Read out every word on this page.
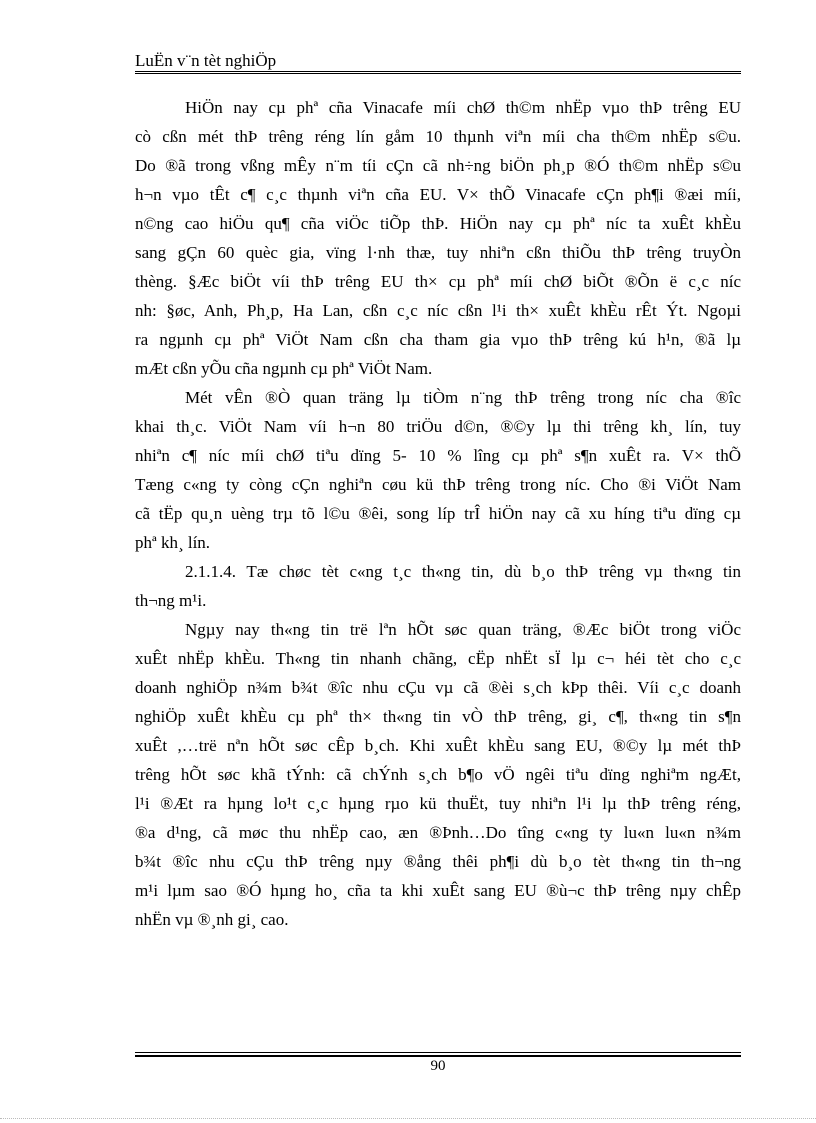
LuËn v¨n tèt nghiÖp
HiÖn nay cµ phª cña Vinacafe míi chØ th©m nhËp vµo thÞ trêng EU
cò cßn mét thÞ trêng réng lín gåm 10 thµnh viªn míi cha th©m nhËp s©u.
Do ®ã trong vßng mÊy n¨m tíi cÇn cã nh÷ng biÖn ph¸p ®Ó th©m nhËp s©u
h¬n vµo tÊt c¶ c¸c thµnh viªn cña EU. V× thÕ Vinacafe cÇn ph¶i ®æi míi,
n©ng cao hiÖu qu¶ cña viÖc tiÕp thÞ. HiÖn nay cµ phª níc ta xuÊt khÈu
sang gÇn 60 quèc gia, vïng l·nh thæ, tuy nhiªn cßn thiÕu thÞ trêng truyÒn
thèng. §Æc biÖt víi thÞ trêng EU th× cµ phª míi chØ biÕt ®Õn ë c¸c níc
nh: §øc, Anh, Ph¸p, Ha Lan, cßn c¸c níc cßn l¹i th× xuÊt khÈu rÊt Ýt. Ngoµi
ra ngµnh cµ phª ViÖt Nam cßn cha tham gia vµo thÞ trêng kú h¹n, ®ã lµ
mÆt cßn yÕu cña ngµnh cµ phª ViÖt Nam.
Mét vÊn ®Ò quan träng lµ tiÒm n¨ng thÞ trêng trong níc cha ®îc
khai th¸c. ViÖt Nam víi h¬n 80 triÖu d©n, ®©y lµ thi trêng kh¸ lín, tuy
nhiªn c¶ níc míi chØ tiªu dïng 5- 10 % lîng cµ phª s¶n xuÊt ra. V× thÕ
Tæng c«ng ty còng cÇn nghiªn cøu kü thÞ trêng trong níc. Cho ®i ViÖt Nam
cã tËp qu¸n uèng trµ tõ l©u ®êi, song líp trÎ hiÖn nay cã xu híng tiªu dïng cµ
phª kh¸ lín.
2.1.1.4. Tæ chøc tèt c«ng t¸c th«ng tin, dù b¸o thÞ trêng vµ th«ng tin
th¬ng m¹i.
Ngµy nay th«ng tin trë lªn hÕt søc quan träng, ®Æc biÖt trong viÖc
xuÊt nhËp khÈu. Th«ng tin nhanh chãng, cËp nhËt sÏ lµ c¬ héi tèt cho c¸c
doanh nghiÖp n¾m b¾t ®îc nhu cÇu vµ cã ®èi s¸ch kÞp thêi. Víi c¸c doanh
nghiÖp xuÊt khÈu cµ phª th× th«ng tin vÒ thÞ trêng, gi¸ c¶, th«ng tin s¶n
xuÊt ,…trë nªn hÕt søc cÊp b¸ch. Khi xuÊt khÈu sang EU, ®©y lµ mét thÞ
trêng hÕt søc khã tÝnh: cã chÝnh s¸ch b¶o vÖ ngêi tiªu dïng nghiªm ngÆt,
l¹i ®Æt ra hµng lo¹t c¸c hµng rµo kü thuËt, tuy nhiªn l¹i lµ thÞ trêng réng,
®a d¹ng, cã møc thu nhËp cao, æn ®Þnh…Do tîng c«ng ty lu«n lu«n n¾m
b¾t ®îc nhu cÇu thÞ trêng nµy ®ång thêi ph¶i dù b¸o tèt th«ng tin th¬ng
m¹i lµm sao ®Ó hµng ho¸ cña ta khi xuÊt sang EU ®ù¬c thÞ trêng nµy chÊp
nhËn vµ ®¸nh gi¸ cao.
90
